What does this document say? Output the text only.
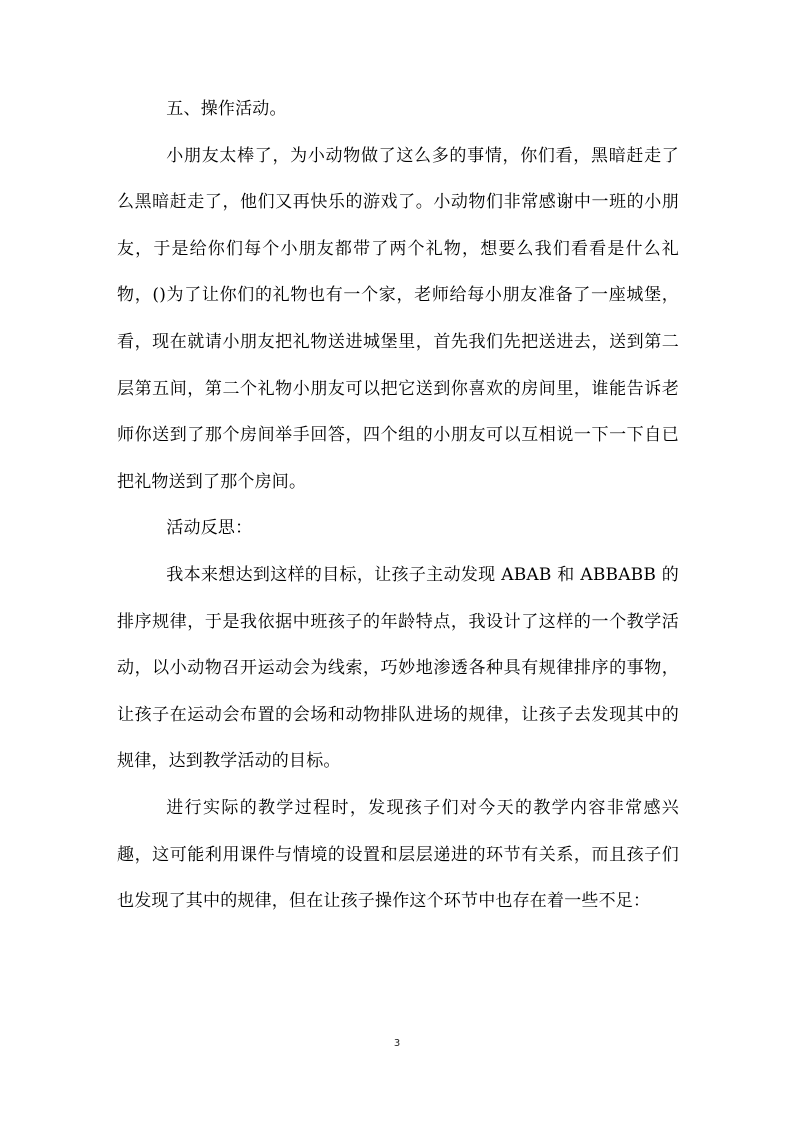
五、操作活动。

小朋友太棒了，为小动物做了这么多的事情，你们看，黑暗赶走了么黑暗赶走了，他们又再快乐的游戏了。小动物们非常感谢中一班的小朋友，于是给你们每个小朋友都带了两个礼物，想要么我们看看是什么礼物，()为了让你们的礼物也有一个家，老师给每小朋友准备了一座城堡，看，现在就请小朋友把礼物送进城堡里，首先我们先把送进去，送到第二层第五间，第二个礼物小朋友可以把它送到你喜欢的房间里，谁能告诉老师你送到了那个房间举手回答，四个组的小朋友可以互相说一下一下自已把礼物送到了那个房间。

活动反思：

我本来想达到这样的目标，让孩子主动发现 ABAB 和 ABBABB 的排序规律，于是我依据中班孩子的年龄特点，我设计了这样的一个教学活动，以小动物召开运动会为线索，巧妙地渗透各种具有规律排序的事物，让孩子在运动会布置的会场和动物排队进场的规律，让孩子去发现其中的规律，达到教学活动的目标。

进行实际的教学过程时，发现孩子们对今天的教学内容非常感兴趣，这可能利用课件与情境的设置和层层递进的环节有关系，而且孩子们也发现了其中的规律，但在让孩子操作这个环节中也存在着一些不足：

3
